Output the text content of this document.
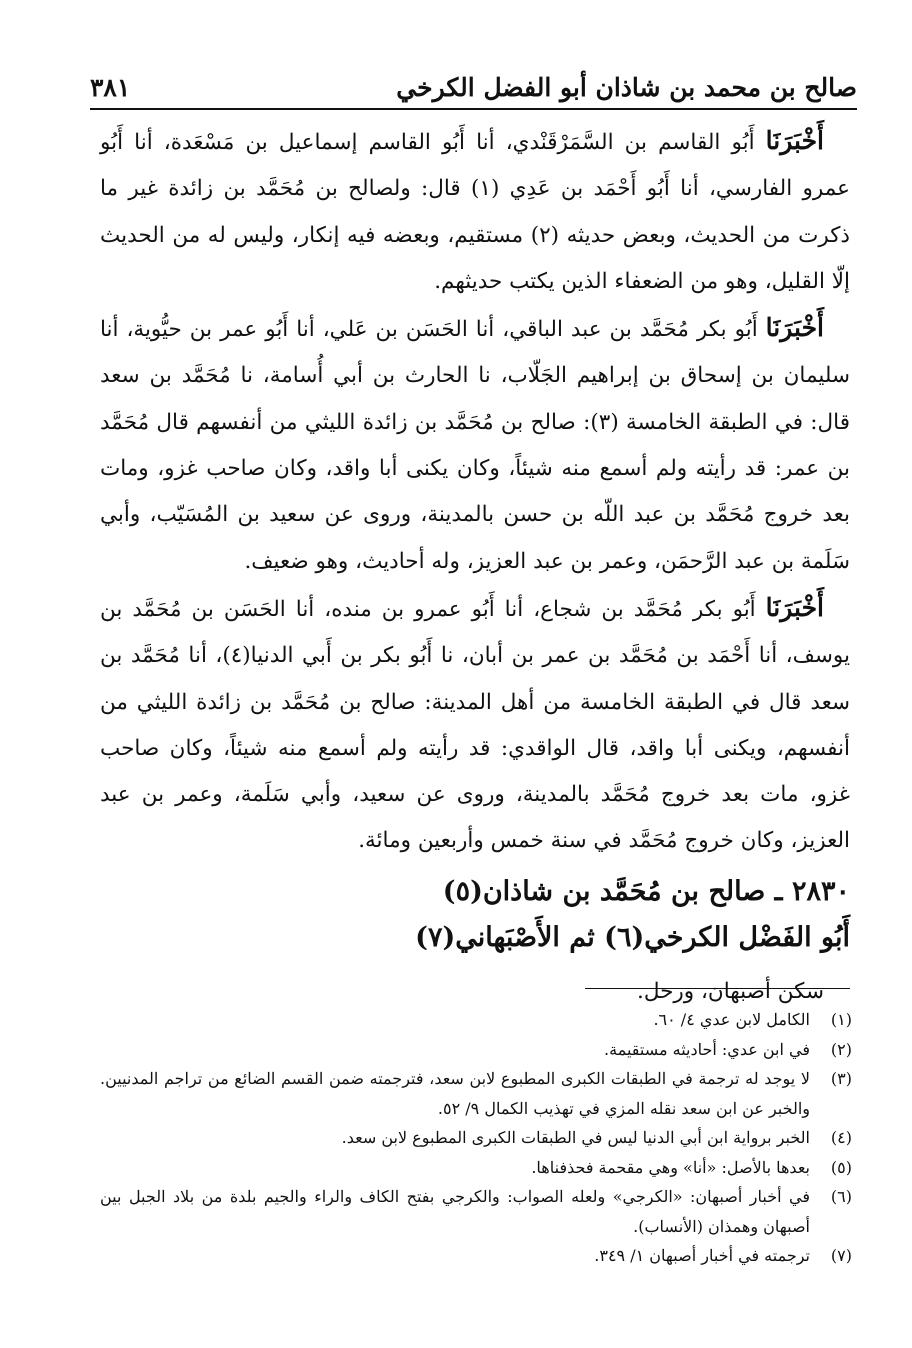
صالح بن محمد بن شاذان أبو الفضل الكرخي
٣٨١

أَخْبَرَنَا أَبُو القاسم بن السَّمَرْقَنْدي، أنا أَبُو القاسم إسماعيل بن مَسْعَدة، أنا أَبُو عمرو الفارسي، أنا أَبُو أَحْمَد بن عَدِي (١) قال: ولصالح بن مُحَمَّد بن زائدة غير ما ذكرت من الحديث، وبعض حديثه (٢) مستقيم، وبعضه فيه إنكار، وليس له من الحديث إلّا القليل، وهو من الضعفاء الذين يكتب حديثهم.

أَخْبَرَنَا أَبُو بكر مُحَمَّد بن عبد الباقي، أنا الحَسَن بن عَلي، أنا أَبُو عمر بن حيُّوية، أنا سليمان بن إسحاق بن إبراهيم الجَلّاب، نا الحارث بن أبي أُسامة، نا مُحَمَّد بن سعد قال: في الطبقة الخامسة (٣): صالح بن مُحَمَّد بن زائدة الليثي من أنفسهم قال مُحَمَّد بن عمر: قد رأيته ولم أسمع منه شيئاً، وكان يكنى أبا واقد، وكان صاحب غزو، ومات بعد خروج مُحَمَّد بن عبد اللّه بن حسن بالمدينة، وروى عن سعيد بن المُسَيّب، وأبي سَلَمة بن عبد الرَّحمَن، وعمر بن عبد العزيز، وله أحاديث، وهو ضعيف.

أَخْبَرَنَا أَبُو بكر مُحَمَّد بن شجاع، أنا أَبُو عمرو بن منده، أنا الحَسَن بن مُحَمَّد بن يوسف، أنا أَحْمَد بن مُحَمَّد بن عمر بن أبان، نا أَبُو بكر بن أَبي الدنيا(٤)، أنا مُحَمَّد بن سعد قال في الطبقة الخامسة من أهل المدينة: صالح بن مُحَمَّد بن زائدة الليثي من أنفسهم، ويكنى أبا واقد، قال الواقدي: قد رأيته ولم أسمع منه شيئاً، وكان صاحب غزو، مات بعد خروج مُحَمَّد بالمدينة، وروى عن سعيد، وأبي سَلَمة، وعمر بن عبد العزيز، وكان خروج مُحَمَّد في سنة خمس وأربعين ومائة.

٢٨٣٠ ـ صالح بن مُحَمَّد بن شاذان(٥)
أَبُو الفَضْل الكرخي(٦) ثم الأَصْبَهاني(٧)
سكن أصبهان، ورحل.
(١)
الكامل لابن عدي ٤/ ٦٠.
(٢)
في ابن عدي: أحاديثه مستقيمة.
(٣)
لا يوجد له ترجمة في الطبقات الكبرى المطبوع لابن سعد، فترجمته ضمن القسم الضائع من تراجم المدنيين. والخبر عن ابن سعد نقله المزي في تهذيب الكمال ٩/ ٥٢.
(٤)
الخبر برواية ابن أبي الدنيا ليس في الطبقات الكبرى المطبوع لابن سعد.
(٥)
بعدها بالأصل: «أنا» وهي مقحمة فحذفناها.
(٦)
في أخبار أصبهان: «الكرجي» ولعله الصواب: والكرجي بفتح الكاف والراء والجيم بلدة من بلاد الجبل بين أصبهان وهمذان (الأنساب).
(٧)
ترجمته في أخبار أصبهان ١/ ٣٤٩.
